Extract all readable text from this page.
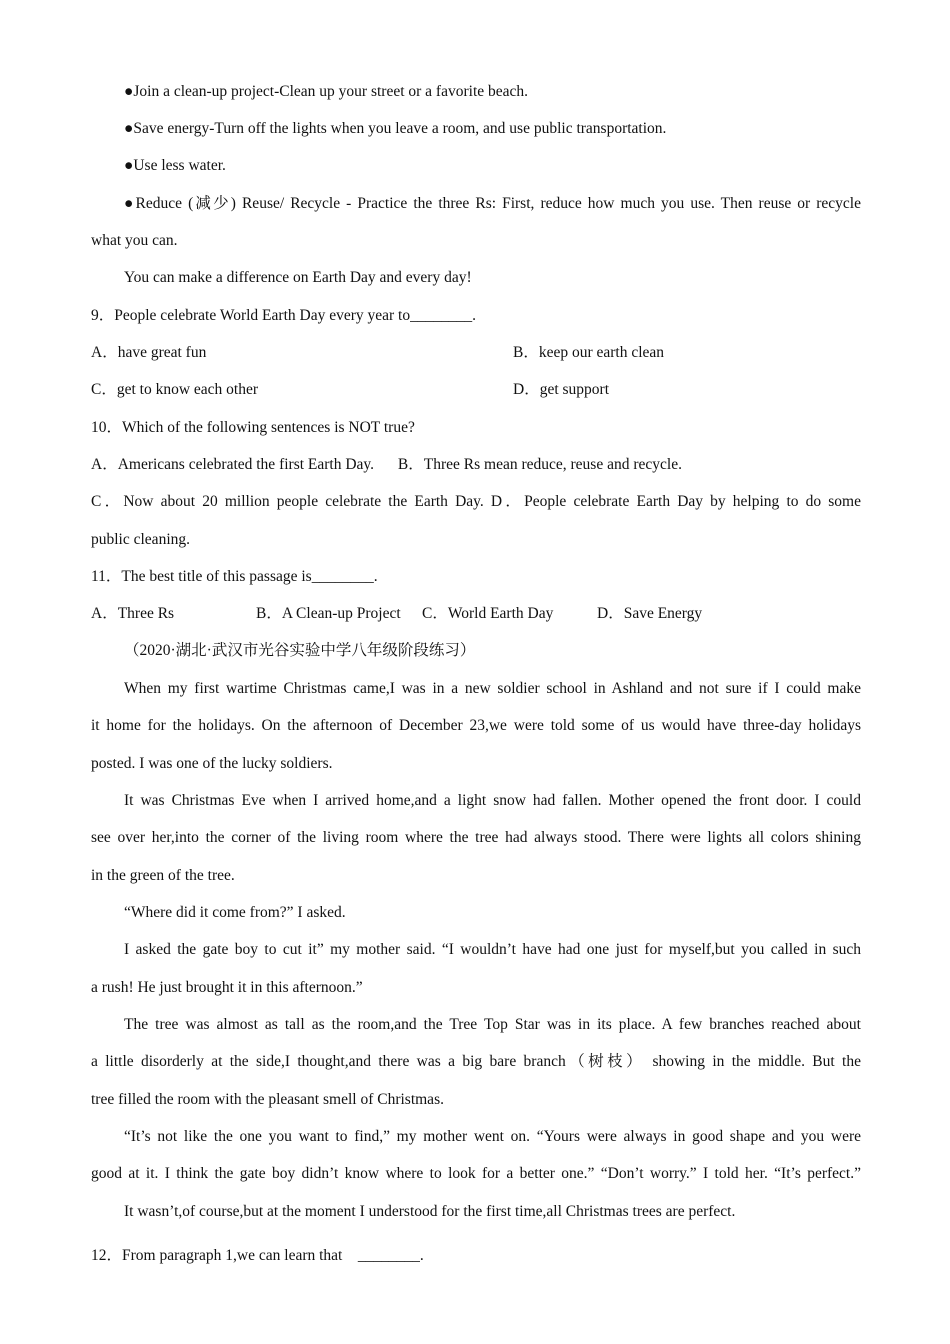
●Join a clean-up project-Clean up your street or a favorite beach.
●Save energy-Turn off the lights when you leave a room, and use public transportation.
●Use less water.
●Reduce (减少) Reuse/ Recycle - Practice the three Rs: First, reduce how much you use. Then reuse or recycle
what you can.
You can make a difference on Earth Day and every day!
9．People celebrate World Earth Day every year to________.
A．have great fun	B．keep our earth clean
C．get to know each other	D．get support
10．Which of the following sentences is NOT true?
A．Americans celebrated the first Earth Day. B．Three Rs mean reduce, reuse and recycle.
C．Now about 20 million people celebrate the Earth Day. D．People celebrate Earth Day by helping to do some
public cleaning.
11．The best title of this passage is________.
A．Three Rs	B．A Clean-up Project C．World Earth Day	D．Save Energy
（2020·湖北·武汉市光谷实验中学八年级阶段练习）
When my first wartime Christmas came,I was in a new soldier school in Ashland and not sure if I could make
it home for the holidays. On the afternoon of December 23,we were told some of us would have three-day holidays
posted. I was one of the lucky soldiers.
It was Christmas Eve when I arrived home,and a light snow had fallen. Mother opened the front door. I could
see over her,into the corner of the living room where the tree had always stood. There were lights all colors shining
in the green of the tree.
“Where did it come from?” I asked.
I asked the gate boy to cut it” my mother said. “I wouldn’t have had one just for myself,but you called in such
a rush! He just brought it in this afternoon.”
The tree was almost as tall as the room,and the Tree Top Star was in its place. A few branches reached about
a little disorderly at the side,I thought,and there was a big bare branch（树枝） showing in the middle. But the
tree filled the room with the pleasant smell of Christmas.
“It’s not like the one you want to find,” my mother went on. “Yours were always in good shape and you were
good at it. I think the gate boy didn’t know where to look for a better one.” “Don’t worry.” I told her. “It’s perfect.”
It wasn’t,of course,but at the moment I understood for the first time,all Christmas trees are perfect.
12．From paragraph 1,we can learn that    ________.
